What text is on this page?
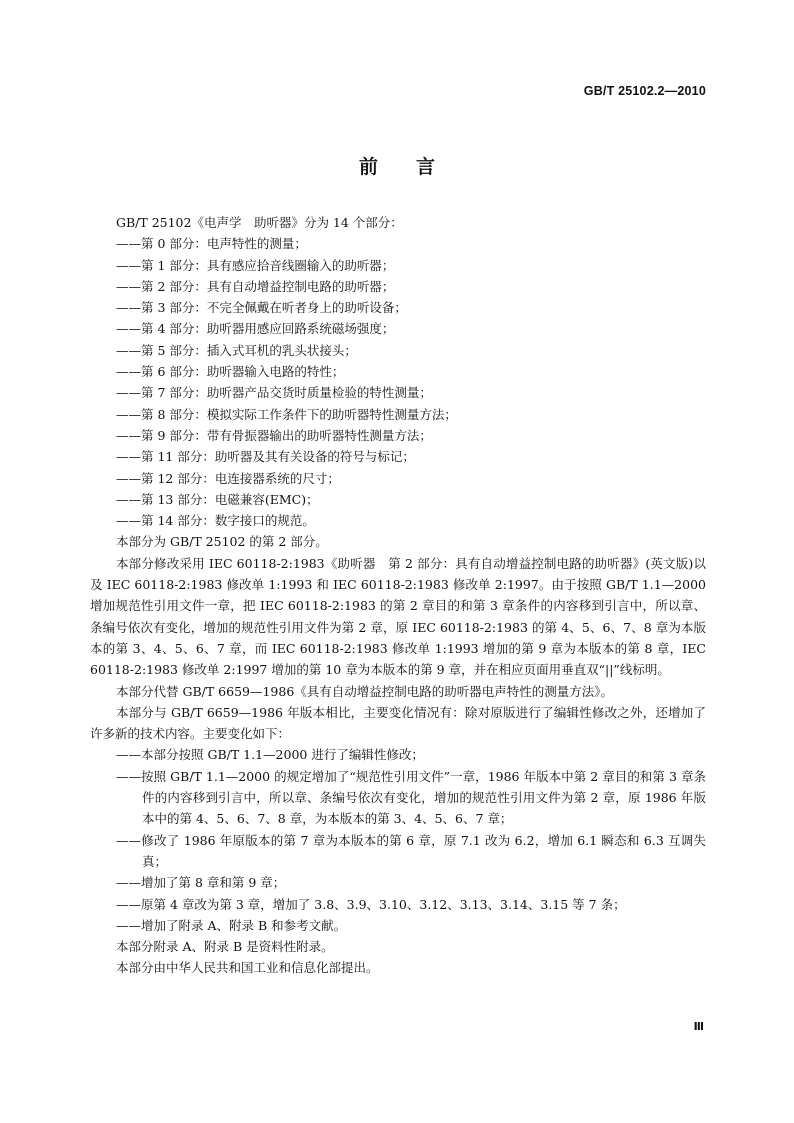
GB/T 25102.2—2010
前言

GB/T 25102《电声学　助听器》分为 14 个部分：

——第 0 部分：电声特性的测量；

——第 1 部分：具有感应拾音线圈输入的助听器；

——第 2 部分：具有自动增益控制电路的助听器；

——第 3 部分：不完全佩戴在听者身上的助听设备；

——第 4 部分：助听器用感应回路系统磁场强度；

——第 5 部分：插入式耳机的乳头状接头；

——第 6 部分：助听器输入电路的特性；

——第 7 部分：助听器产品交货时质量检验的特性测量；

——第 8 部分：模拟实际工作条件下的助听器特性测量方法；

——第 9 部分：带有骨振器输出的助听器特性测量方法；

——第 11 部分：助听器及其有关设备的符号与标记；

——第 12 部分：电连接器系统的尺寸；

——第 13 部分：电磁兼容(EMC)；

——第 14 部分：数字接口的规范。

本部分为 GB/T 25102 的第 2 部分。

本部分修改采用 IEC 60118-2:1983《助听器　第 2 部分：具有自动增益控制电路的助听器》(英文版)以及 IEC 60118-2:1983 修改单 1:1993 和 IEC 60118-2:1983 修改单 2:1997。由于按照 GB/T 1.1—2000 增加规范性引用文件一章，把 IEC 60118-2:1983 的第 2 章目的和第 3 章条件的内容移到引言中，所以章、条编号依次有变化，增加的规范性引用文件为第 2 章，原 IEC 60118-2:1983 的第 4、5、6、7、8 章为本版本的第 3、4、5、6、7 章，而 IEC 60118-2:1983 修改单 1:1993 增加的第 9 章为本版本的第 8 章，IEC 60118-2:1983 修改单 2:1997 增加的第 10 章为本版本的第 9 章，并在相应页面用垂直双“||”线标明。

本部分代替 GB/T 6659—1986《具有自动增益控制电路的助听器电声特性的测量方法》。

本部分与 GB/T 6659—1986 年版本相比，主要变化情况有：除对原版进行了编辑性修改之外，还增加了许多新的技术内容。主要变化如下：

——本部分按照 GB/T 1.1—2000 进行了编辑性修改；

——按照 GB/T 1.1—2000 的规定增加了“规范性引用文件”一章，1986 年版本中第 2 章目的和第 3 章条件的内容移到引言中，所以章、条编号依次有变化，增加的规范性引用文件为第 2 章，原 1986 年版本中的第 4、5、6、7、8 章，为本版本的第 3、4、5、6、7 章；

——修改了 1986 年原版本的第 7 章为本版本的第 6 章，原 7.1 改为 6.2，增加 6.1 瞬态和 6.3 互调失真；

——增加了第 8 章和第 9 章；

——原第 4 章改为第 3 章，增加了 3.8、3.9、3.10、3.12、3.13、3.14、3.15 等 7 条；

——增加了附录 A、附录 B 和参考文献。

本部分附录 A、附录 B 是资料性附录。

本部分由中华人民共和国工业和信息化部提出。

Ⅲ
